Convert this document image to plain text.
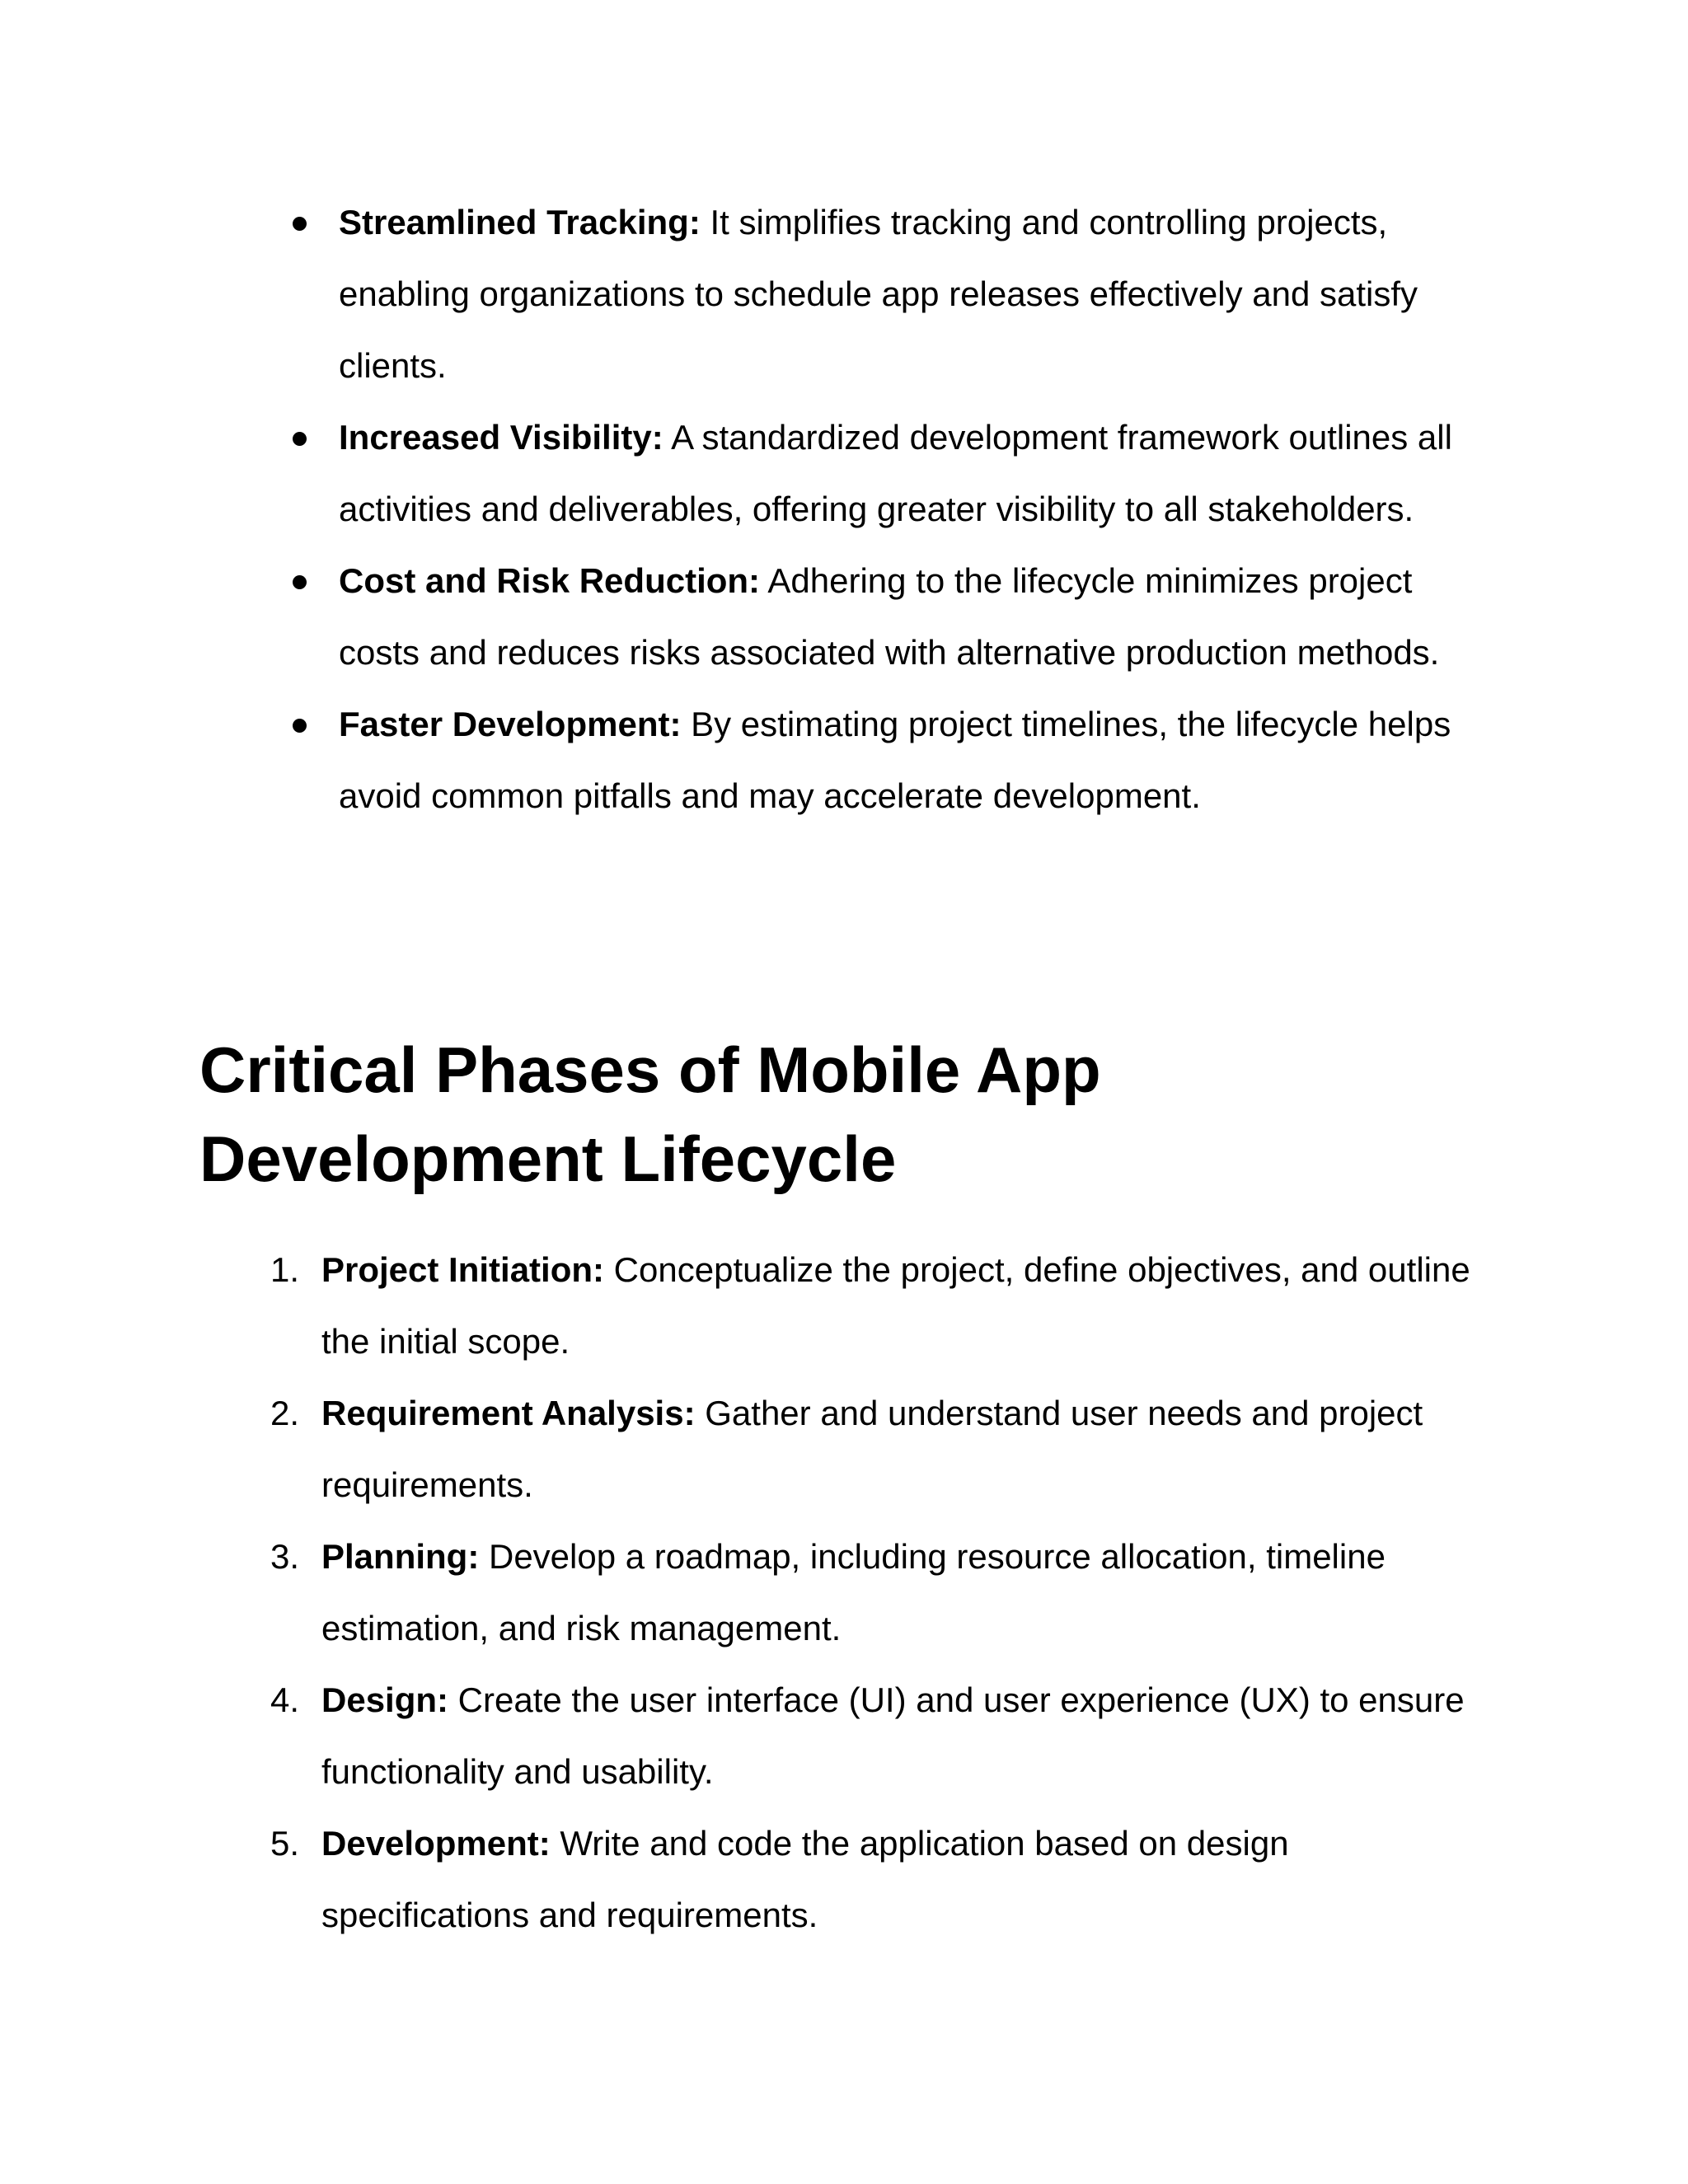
Streamlined Tracking: It simplifies tracking and controlling projects, enabling organizations to schedule app releases effectively and satisfy clients.
Increased Visibility: A standardized development framework outlines all activities and deliverables, offering greater visibility to all stakeholders.
Cost and Risk Reduction: Adhering to the lifecycle minimizes project costs and reduces risks associated with alternative production methods.
Faster Development: By estimating project timelines, the lifecycle helps avoid common pitfalls and may accelerate development.
Critical Phases of Mobile App Development Lifecycle
1. Project Initiation: Conceptualize the project, define objectives, and outline the initial scope.
2. Requirement Analysis: Gather and understand user needs and project requirements.
3. Planning: Develop a roadmap, including resource allocation, timeline estimation, and risk management.
4. Design: Create the user interface (UI) and user experience (UX) to ensure functionality and usability.
5. Development: Write and code the application based on design specifications and requirements.
